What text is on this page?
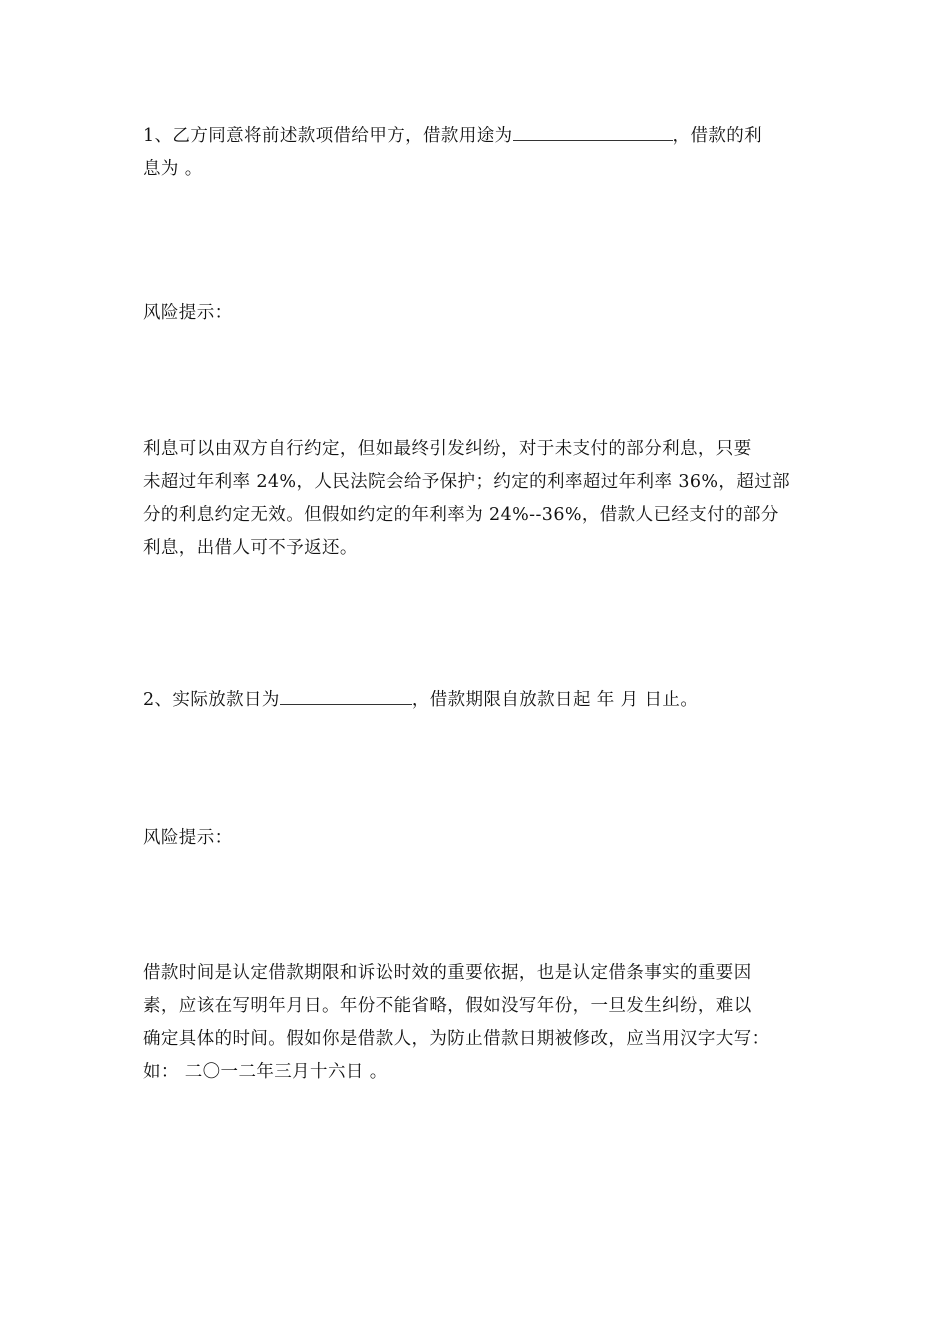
1、乙方同意将前述款项借给甲方，借款用途为	，借款的利
息为 。

风险提示：

利息可以由双方自行约定，但如最终引发纠纷，对于未支付的部分利息，只要
未超过年利率 24%，人民法院会给予保护；约定的利率超过年利率 36%，超过部
分的利息约定无效。但假如约定的年利率为 24%--36%，借款人已经支付的部分
利息，出借人可不予返还。

2、实际放款日为	，借款期限自放款日起 年 月 日止。

风险提示：

借款时间是认定借款期限和诉讼时效的重要依据，也是认定借条事实的重要因
素，应该在写明年月日。年份不能省略，假如没写年份，一旦发生纠纷，难以
确定具体的时间。假如你是借款人，为防止借款日期被修改，应当用汉字大写：
如： 二〇一二年三月十六日 。
